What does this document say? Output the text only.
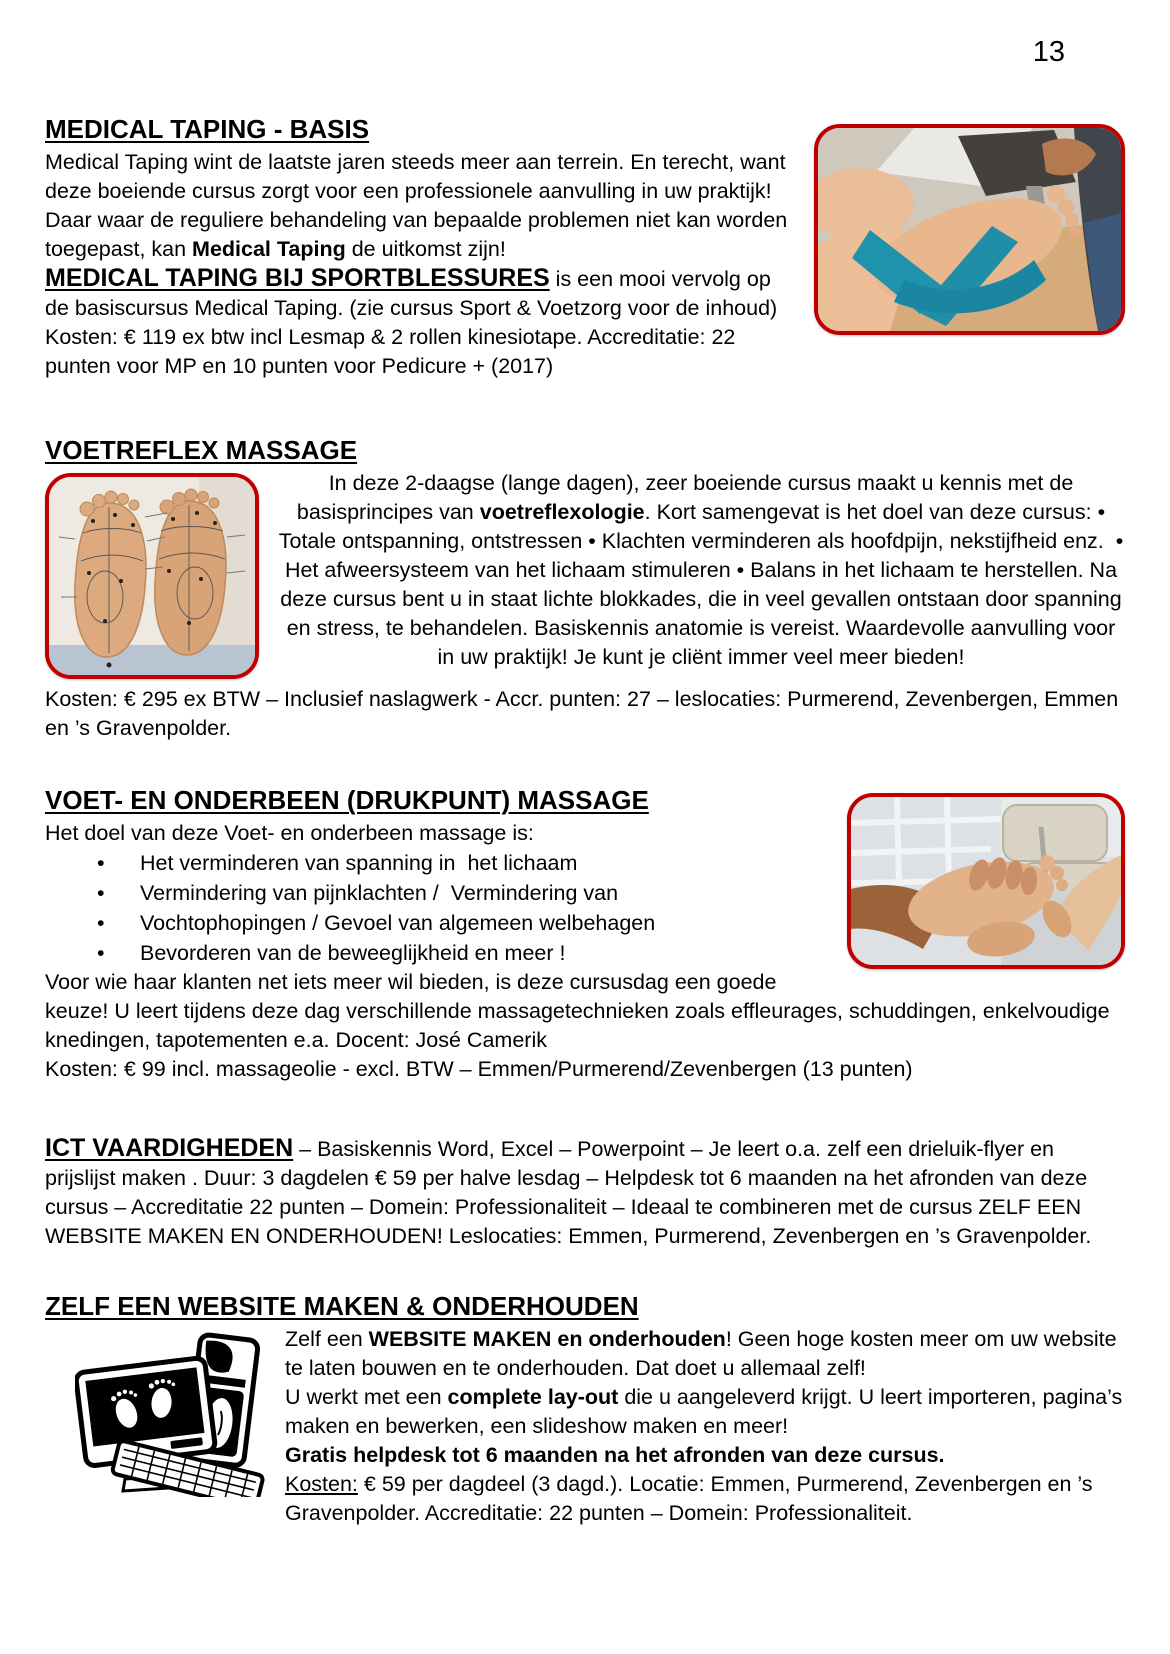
13
MEDICAL TAPING - BASIS

Medical Taping wint de laatste jaren steeds meer aan terrein. En terecht, want deze boeiende cursus zorgt voor een professionele aanvulling in uw praktijk! Daar waar de reguliere behandeling van bepaalde problemen niet kan worden toegepast, kan Medical Taping de uitkomst zijn!

MEDICAL TAPING BIJ SPORTBLESSURES is een mooi vervolg op de basiscursus Medical Taping. (zie cursus Sport & Voetzorg voor de inhoud) Kosten: € 119 ex btw incl Lesmap & 2 rollen kinesiotape. Accreditatie: 22 punten voor MP en 10 punten voor Pedicure + (2017)

VOETREFLEX MASSAGE

In deze 2-daagse (lange dagen), zeer boeiende cursus maakt u kennis met de basisprincipes van voetreflexologie. Kort samengevat is het doel van deze cursus: • Totale ontspanning, ontstressen • Klachten verminderen als hoofdpijn, nekstijfheid enz.  • Het afweersysteem van het lichaam stimuleren • Balans in het lichaam te herstellen. Na deze cursus bent u in staat lichte blokkades, die in veel gevallen ontstaan door spanning en stress, te behandelen. Basiskennis anatomie is vereist. Waardevolle aanvulling voor in uw praktijk! Je kunt je cliënt immer veel meer bieden!

Kosten: € 295 ex BTW – Inclusief naslagwerk - Accr. punten: 27 – leslocaties: Purmerend, Zevenbergen, Emmen en ’s Gravenpolder.

VOET- EN ONDERBEEN (DRUKPUNT) MASSAGE

Het doel van deze Voet- en onderbeen massage is:

• Het verminderen van spanning in  het lichaam
• Vermindering van pijnklachten /  Vermindering van
• Vochtophopingen / Gevoel van algemeen welbehagen
• Bevorderen van de beweeglijkheid en meer !

Voor wie haar klanten net iets meer wil bieden, is deze cursusdag een goede keuze! U leert tijdens deze dag verschillende massagetechnieken zoals effleurages, schuddingen, enkelvoudige knedingen, tapotementen e.a. Docent: José Camerik

Kosten: € 99 incl. massageolie - excl. BTW – Emmen/Purmerend/Zevenbergen (13 punten)

ICT VAARDIGHEDEN – Basiskennis Word, Excel – Powerpoint – Je leert o.a. zelf een drieluik-flyer en prijslijst maken . Duur: 3 dagdelen € 59 per halve lesdag – Helpdesk tot 6 maanden na het afronden van deze cursus – Accreditatie 22 punten – Domein: Professionaliteit – Ideaal te combineren met de cursus ZELF EEN WEBSITE MAKEN EN ONDERHOUDEN! Leslocaties: Emmen, Purmerend, Zevenbergen en ’s Gravenpolder.

ZELF EEN WEBSITE MAKEN & ONDERHOUDEN

Zelf een WEBSITE MAKEN en onderhouden! Geen hoge kosten meer om uw website te laten bouwen en te onderhouden. Dat doet u allemaal zelf!
U werkt met een complete lay-out die u aangeleverd krijgt. U leert importeren, pagina’s maken en bewerken, een slideshow maken en meer!
Gratis helpdesk tot 6 maanden na het afronden van deze cursus.
Kosten: € 59 per dagdeel (3 dagd.). Locatie: Emmen, Purmerend, Zevenbergen en ’s Gravenpolder. Accreditatie: 22 punten – Domein: Professionaliteit.
